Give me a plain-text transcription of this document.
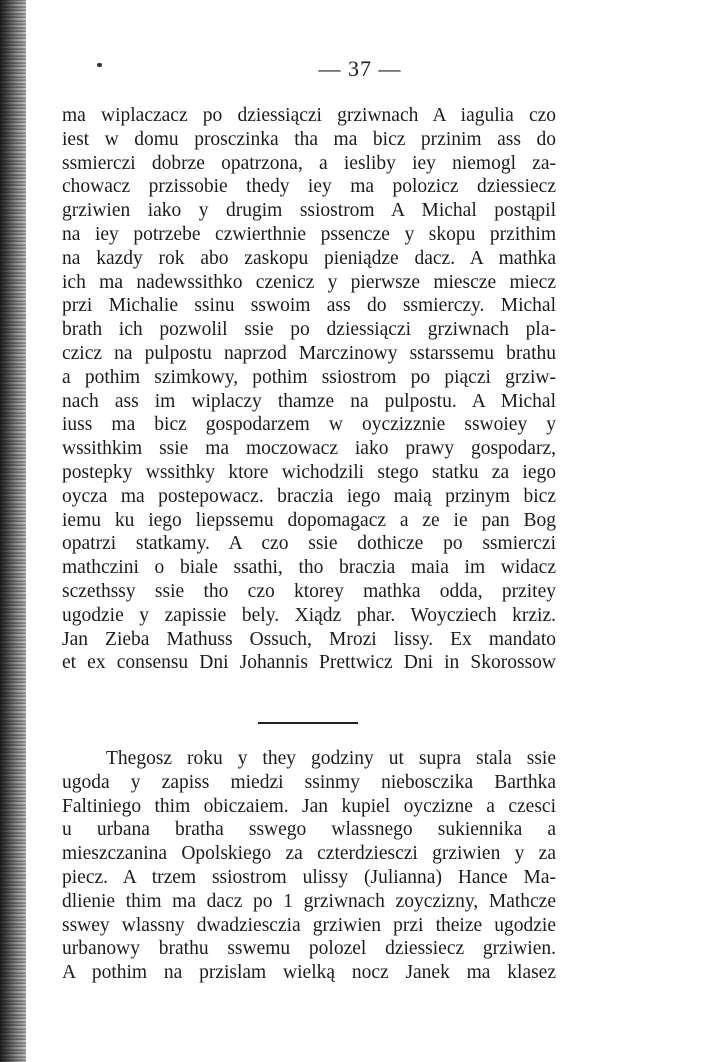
— 37 —
ma wiplaczacz po dziessiączi grziwnach A iagulia czo
iest w domu prosczinka tha ma bicz przinim ass do
ssmierczi dobrze opatrzona, a iesliby iey niemogl za-
chowacz przissobie thedy iey ma polozicz dziessiecz
grziwien iako y drugim ssiostrom A Michal postąpil
na iey potrzebe czwierthnie pssencze y skopu przithim
na kazdy rok abo zaskopu pieniądze dacz. A mathka
ich ma nadewssithko czenicz y pierwsze miescze miecz
przi Michalie ssinu sswoim ass do ssmierczy. Michal
brath ich pozwolil ssie po dziessiączi grziwnach pla-
czicz na pulpostu naprzod Marczinowy sstarssemu brathu
a pothim szimkowy, pothim ssiostrom po piączi grziw-
nach ass im wiplaczy thamze na pulpostu. A Michal
iuss ma bicz gospodarzem w oyczizznie sswoiey y
wssithkim ssie ma moczowacz iako prawy gospodarz,
postepky wssithky ktore wichodzili stego statku za iego
oycza ma postepowacz. braczia iego maią przinym bicz
iemu ku iego liepssemu dopomagacz a ze ie pan Bog
opatrzi statkamy. A czo ssie dothicze po ssmierczi
mathczini o biale ssathi, tho braczia maia im widacz
sczethssy ssie tho czo ktorey mathka odda, przitey
ugodzie y zapissie bely. Xiądz phar. Woycziech krziz.
Jan Zieba Mathuss Ossuch, Mrozi lissy. Ex mandato
et ex consensu Dni Johannis Prettwicz Dni in Skorossow
Thegosz roku y they godziny ut supra stala ssie
ugoda y zapiss miedzi ssinmy niebosczika Barthka
Faltiniego thim obiczaiem. Jan kupiel oyczizne a czesci
u urbana bratha sswego wlassnego sukiennika a
mieszczanina Opolskiego za czterdziesczi grziwien y za
piecz. A trzem ssiostrom ulissy (Julianna) Hance Ma-
dlienie thim ma dacz po 1 grziwnach zoyczizny, Mathcze
sswey wlassny dwadziesczia grziwien przi theize ugodzie
urbanowy brathu sswemu polozel dziessiecz grziwien.
A pothim na przislam wielką nocz Janek ma klasez
